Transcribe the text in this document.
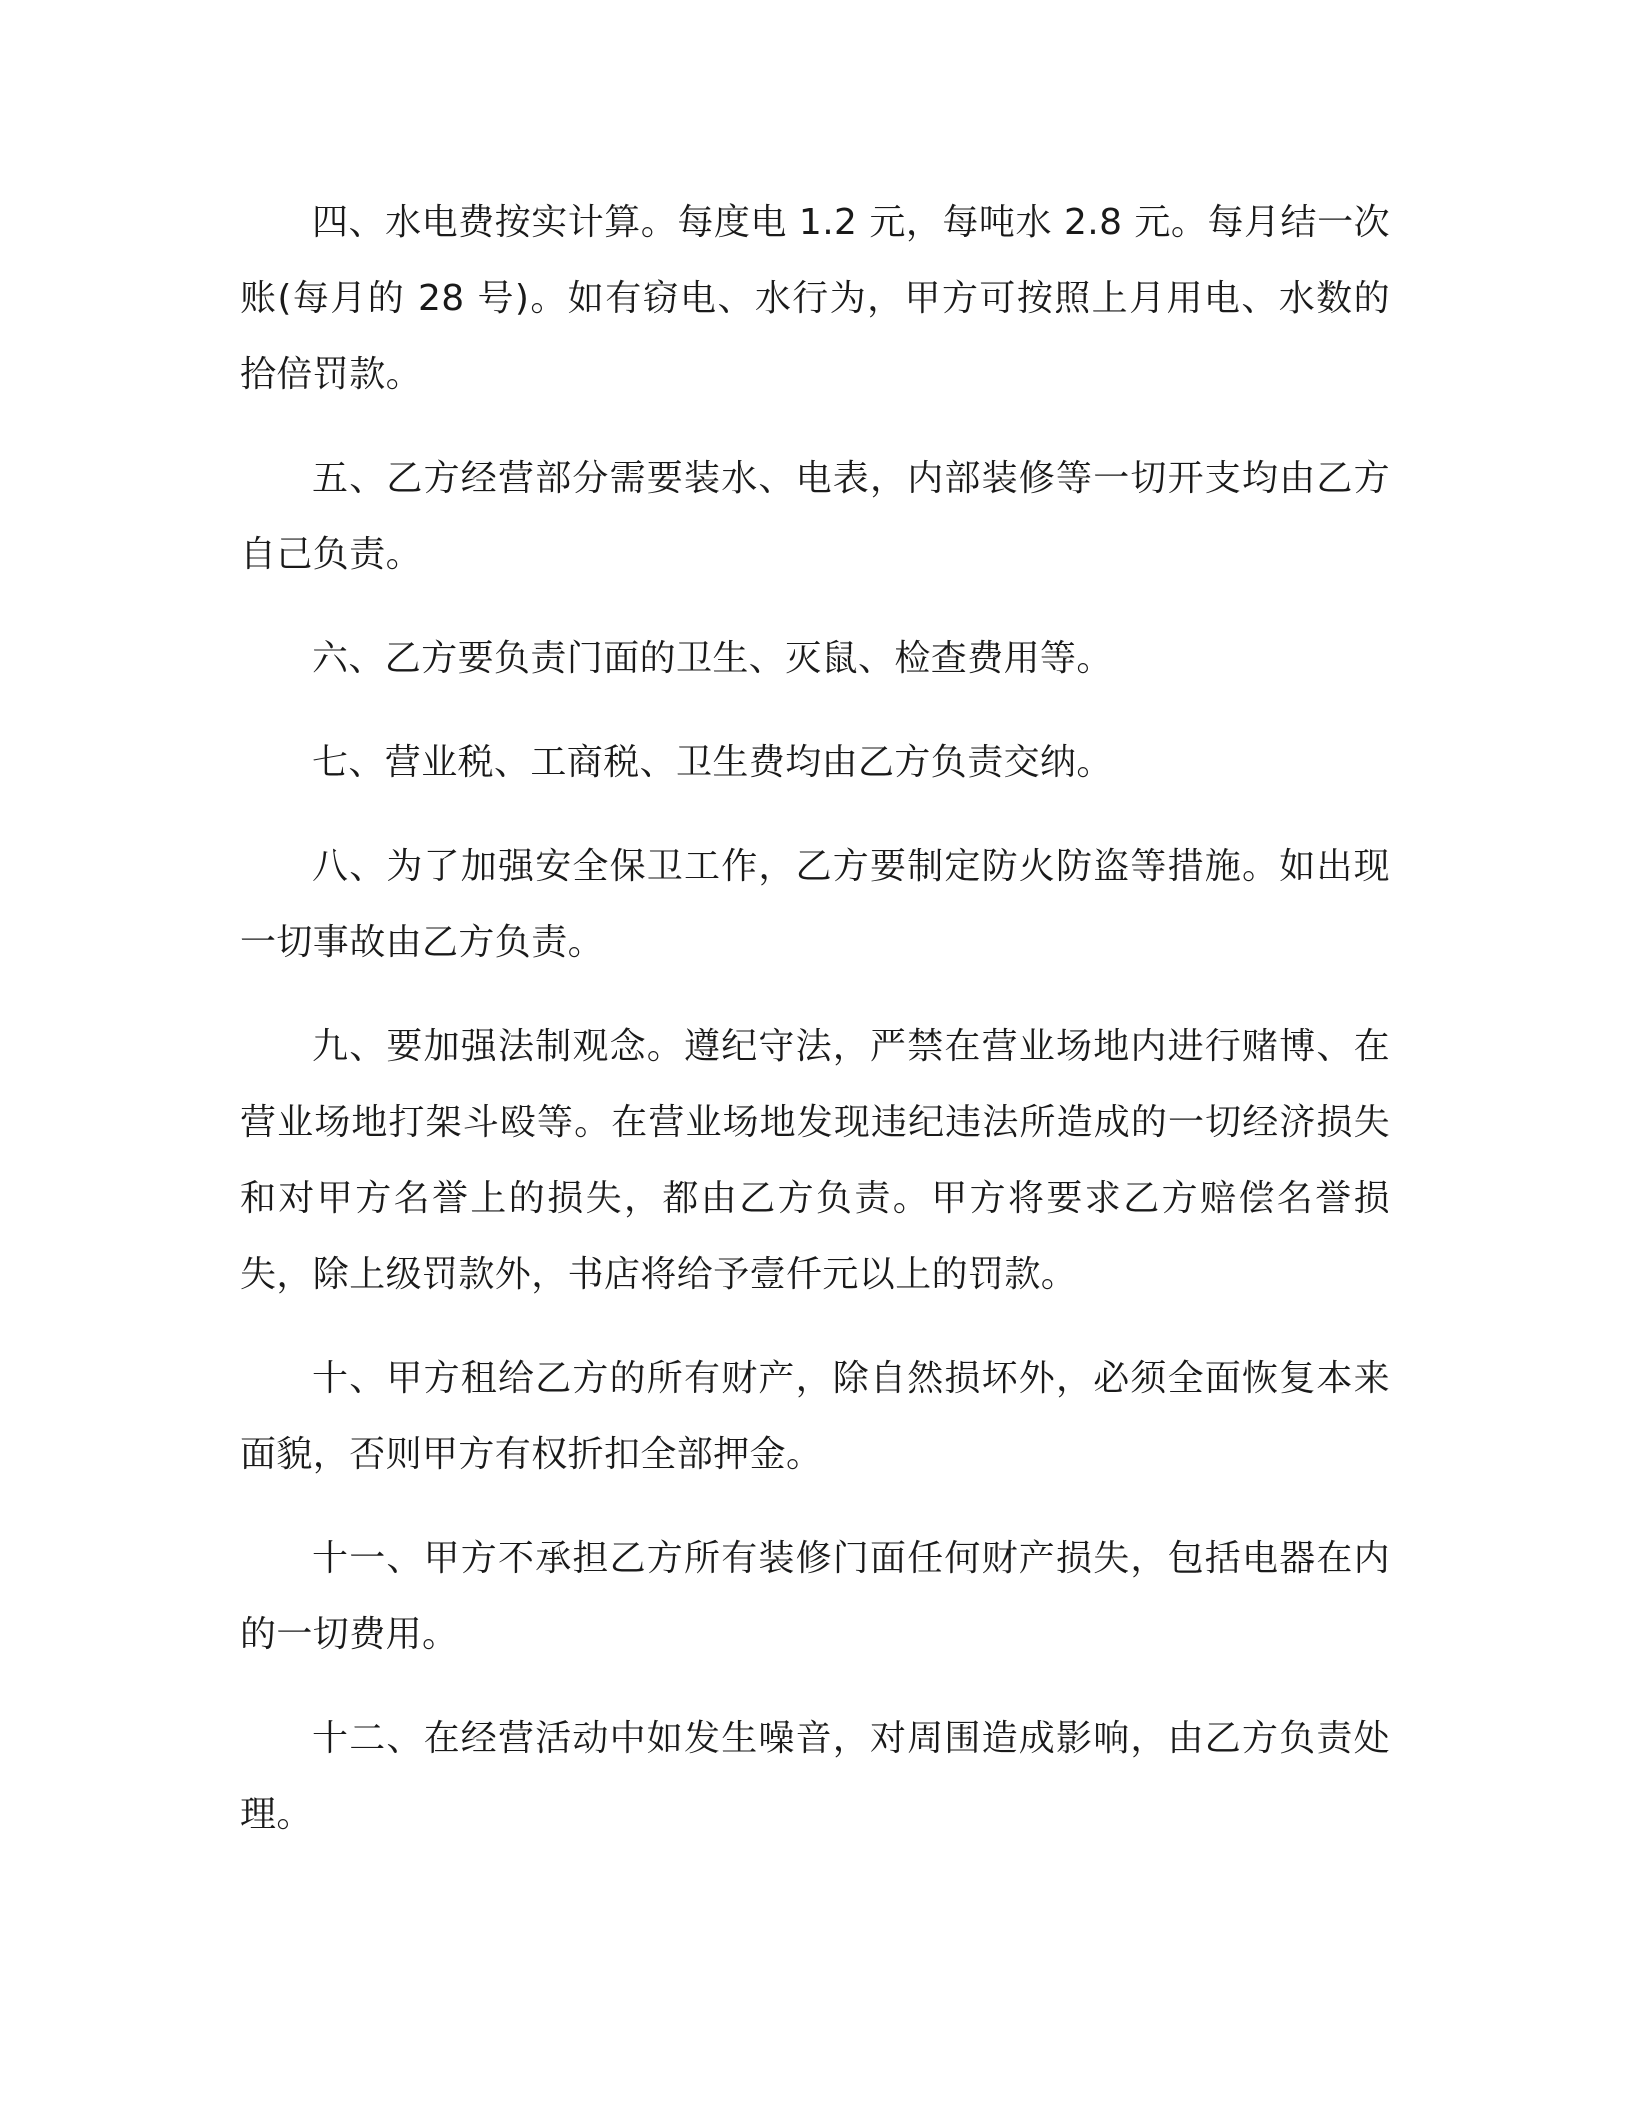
四、水电费按实计算。每度电 1.2 元，每吨水 2.8 元。每月结一次账(每月的 28 号)。如有窃电、水行为，甲方可按照上月用电、水数的拾倍罚款。

五、乙方经营部分需要装水、电表，内部装修等一切开支均由乙方自己负责。

六、乙方要负责门面的卫生、灭鼠、检查费用等。

七、营业税、工商税、卫生费均由乙方负责交纳。

八、为了加强安全保卫工作，乙方要制定防火防盗等措施。如出现一切事故由乙方负责。

九、要加强法制观念。遵纪守法，严禁在营业场地内进行赌博、在营业场地打架斗殴等。在营业场地发现违纪违法所造成的一切经济损失和对甲方名誉上的损失，都由乙方负责。甲方将要求乙方赔偿名誉损失，除上级罚款外，书店将给予壹仟元以上的罚款。

十、甲方租给乙方的所有财产，除自然损坏外，必须全面恢复本来面貌，否则甲方有权折扣全部押金。

十一、甲方不承担乙方所有装修门面任何财产损失，包括电器在内的一切费用。

十二、在经营活动中如发生噪音，对周围造成影响，由乙方负责处理。
